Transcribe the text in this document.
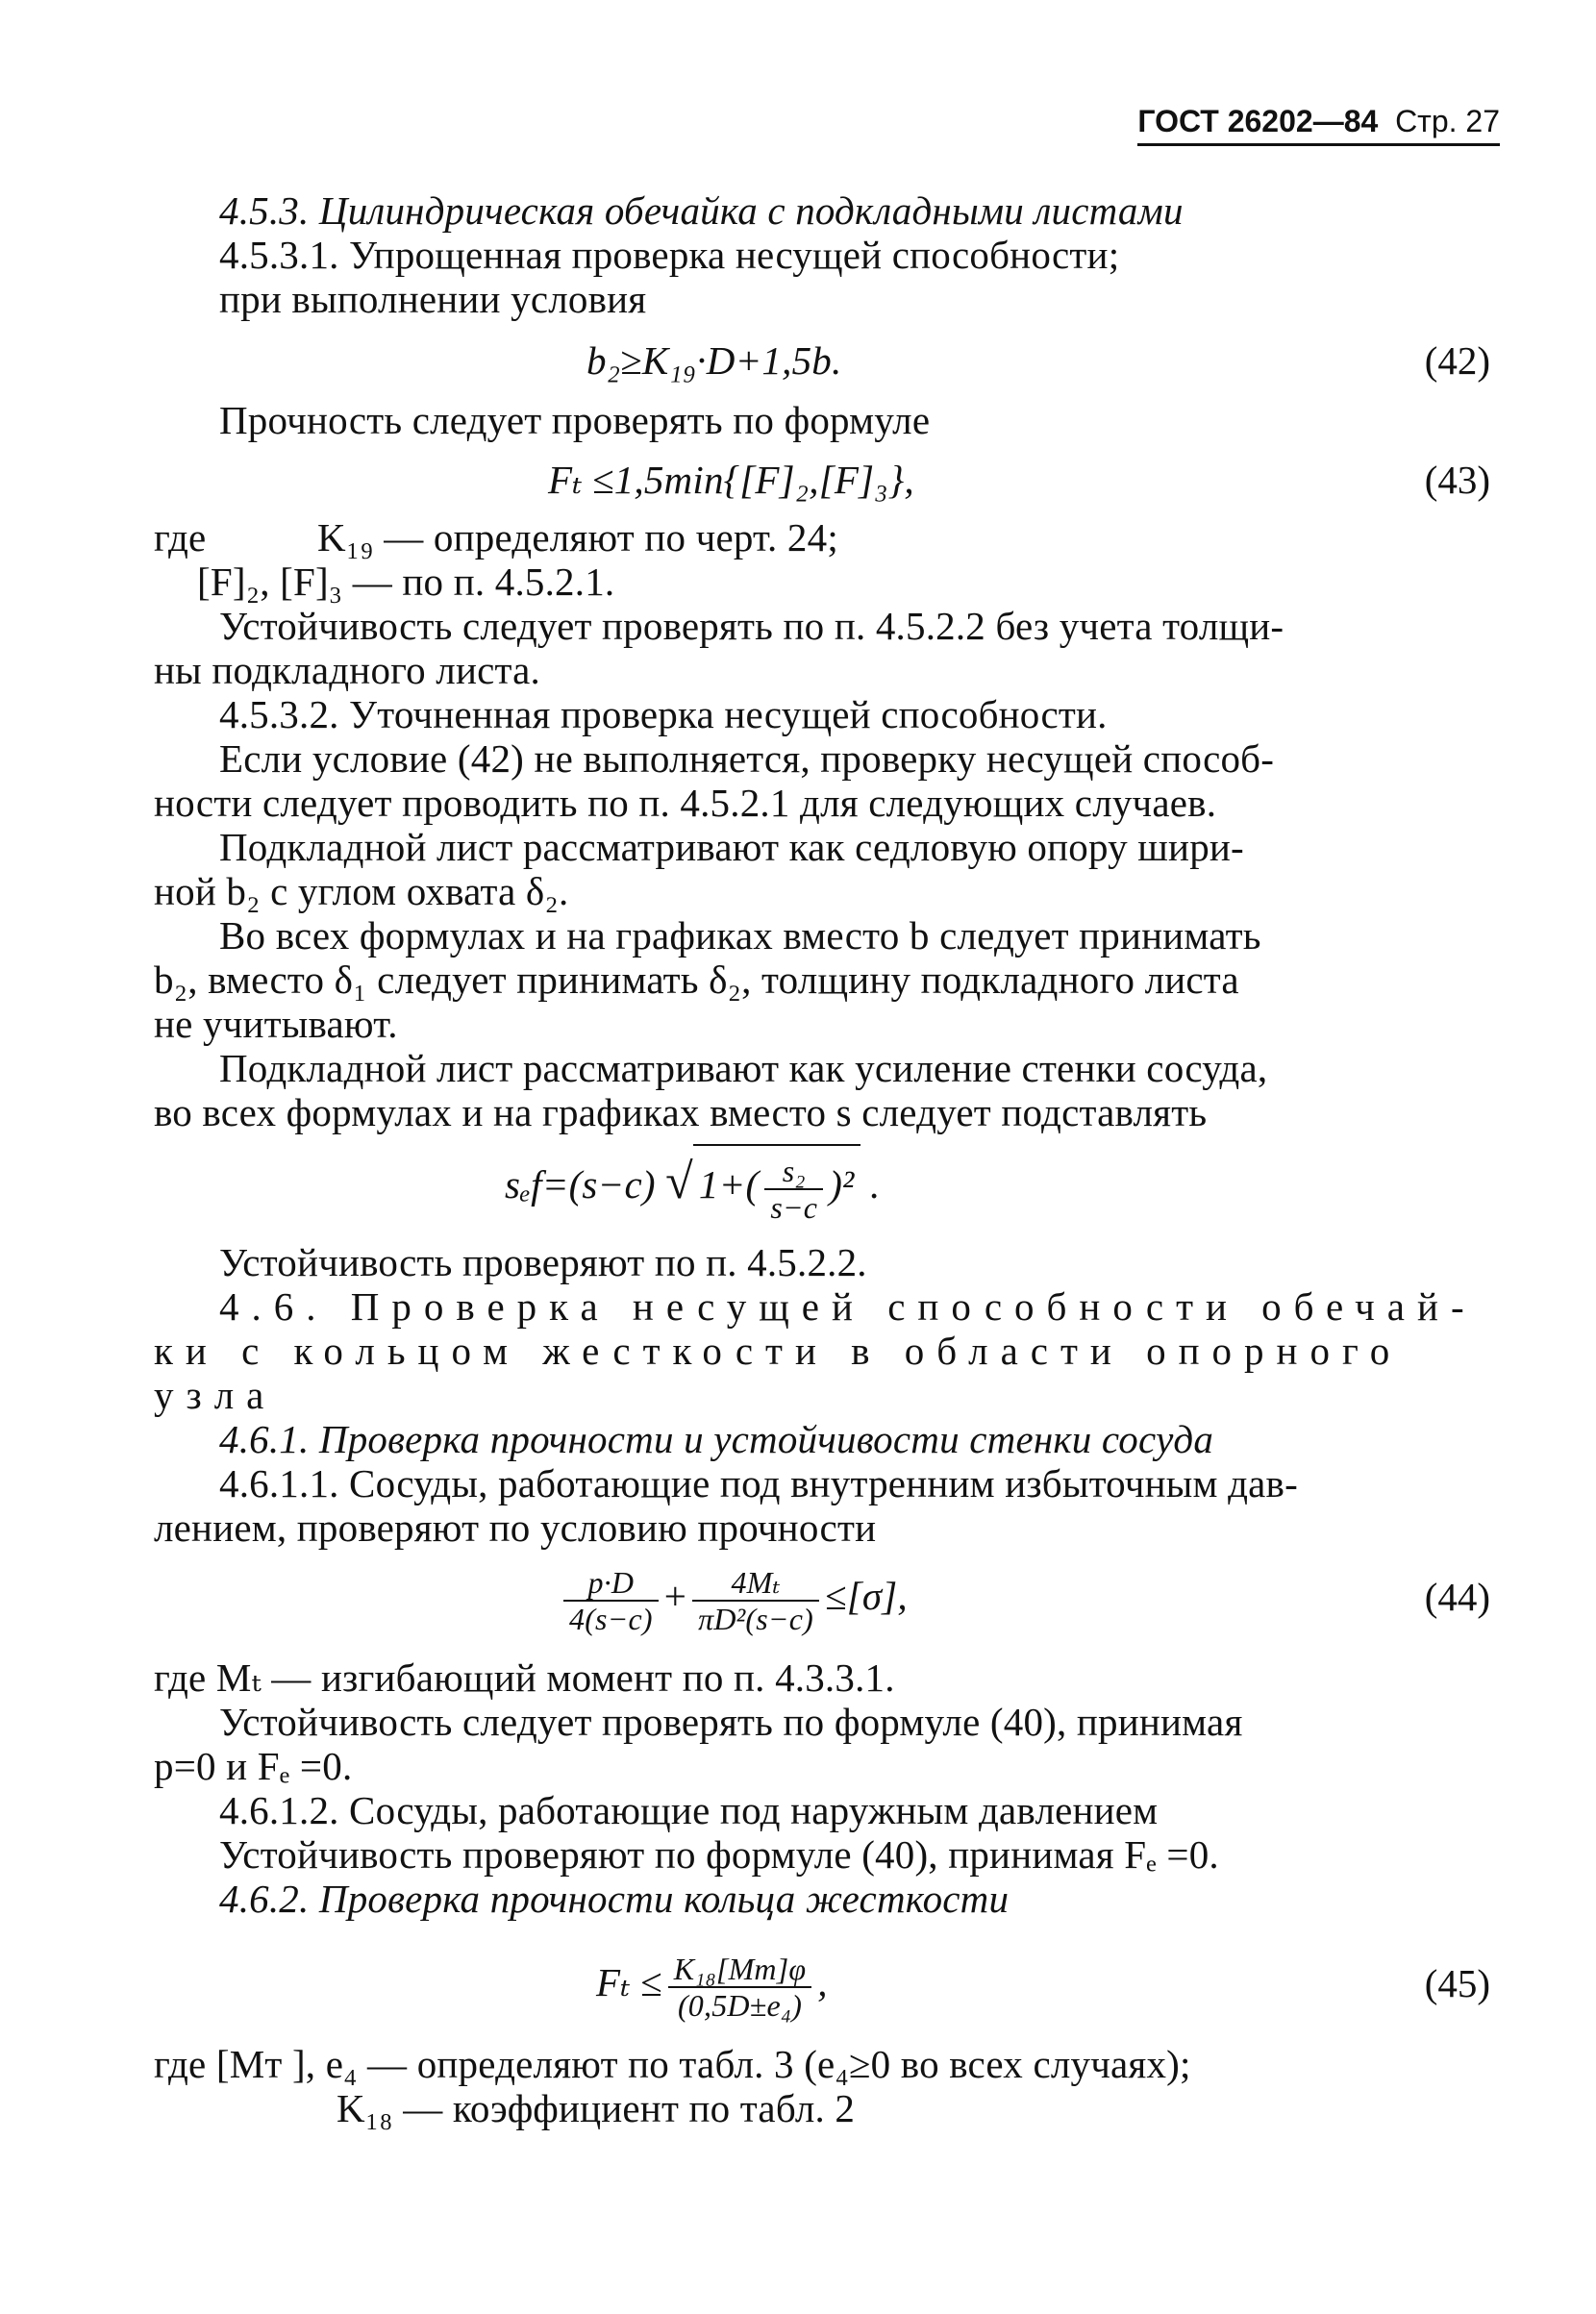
ГОСТ 26202—84 Стр. 27
4.5.3. Цилиндрическая обечайка с подкладными листами
4.5.3.1. Упрощенная проверка несущей способности;
при выполнении условия
b₂≥K₁₉·D+1,5b.	(42)
Прочность следует проверять по формуле
Fₜ ≤1,5min{[F]₂,[F]₃},	(43)
где	K₁₉ — определяют по черт. 24;
[F]₂, [F]₃ — по п. 4.5.2.1.
Устойчивость следует проверять по п. 4.5.2.2 без учета толщи-
ны подкладного листа.
4.5.3.2. Уточненная проверка несущей способности.
Если условие (42) не выполняется, проверку несущей способ-
ности следует проводить по п. 4.5.2.1 для следующих случаев.
Подкладной лист рассматривают как седловую опору шири-
ной b₂ с углом охвата δ₂.
Во всех формулах и на графиках вместо b следует принимать
b₂, вместо δ₁ следует принимать δ₂, толщину подкладного листа
не учитывают.
Подкладной лист рассматривают как усиление стенки сосуда,
во всех формулах и на графиках вместо s следует подставлять
sₑf=(s−c) √ $1+( \frac{\text{s₂}}{s-c} )^2$ .
Устойчивость проверяют по п. 4.5.2.2.
4.6. Проверка несущей способности обечай-
ки с кольцом жесткости в области опорного
узла
4.6.1. Проверка прочности и устойчивости стенки сосуда
4.6.1.1. Сосуды, работающие под внутренним избыточным дав-
лением, проверяют по условию прочности
$\frac{p\cdot D}{4(s-c)} + \frac{\text{4Mₜ}}{\text{πD²(s−c)}} \le[\sigma]$,	(44)
где Mₜ — изгибающий момент по п. 4.3.3.1.
Устойчивость следует проверять по формуле (40), принимая
p=0 и Fₑ =0.
4.6.1.2. Сосуды, работающие под наружным давлением
Устойчивость проверяют по формуле (40), принимая Fₑ =0.
4.6.2. Проверка прочности кольца жесткости
$F_t \le \frac{\text{K₁₈[Mт]φ}}{\text{(0,5D±e₄)}}$ ,	(45)
где [Mт ], e₄ — определяют по табл. 3 (e₄≥0 во всех случаях);
K₁₈ — коэффициент по табл. 2
